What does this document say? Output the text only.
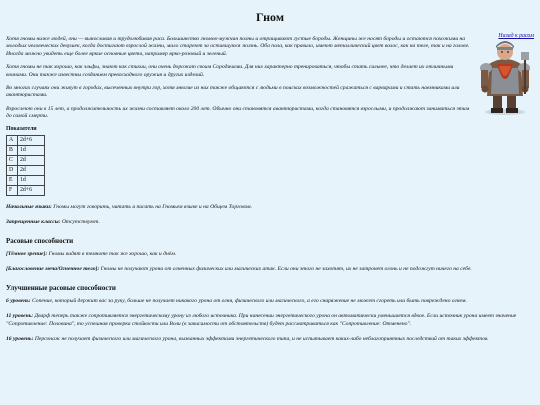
Гном
Назад к расам

Хотя гномы ниже людей, они — выносливая и трудолюбивая раса. Большинство гномов-мужчин полны и отращивают густые бороды. Женщины же носят бороды и остаются похожими на молодых человеческих девушек, когда достигают взрослой жизни, мало стареют за оставшуюся жизнь. Оба пола, как правило, имеют металлический цвет волос, как на теле, так и на голове. Иногда можно увидеть еще более яркие основные цвета, например ярко-розовый и зеленый.

Хотя гномы не так хорошо, как эльфы, знают как стихии, они очень дорожат своим Сородичами. Для них характерно тренироваться, чтобы стать сильнее, что делает их отличными воинами. Они также известны созданием превосходного оружия и других изделий.

Во многих случаях они живут в городах, высеченных внутри гор, хотя многие из них также общаются с людьми в поисках возможностей сражаться с варварами и стать наемниками или авантюристами.

Взрослеют они в 15 лет, а продолжительность их жизни составляет около 200 лет. Обычно они становятся авантюристами, когда становятся взрослыми, и продолжают заниматься этим до самой смерти.

Показатели
A	2d+6
B	1d
C	2d
D	2d
E	1d
F	2d+6

Начальные языки: Гномы могут говорить, читать и писать на Гномьем языке и на Общем Торговом.

Запрещенные классы: Отсутствуют.

Расовые способности

[Тёмное зрение]: Гномы видят в темноте так же хорошо, как и днём.

[Благословение меча/Огненное тело]: Гномы не получают урона от огненных физических или магических атак. Если они этого не захотят, их не затронет огонь и не подожгут ничего на себе.

Улучшенные расовые способности

6 уровень: Сопение, который держит вас за руку, больше не получает никакого урона от огня, физического или магического, а его снаряжение не может сгореть или быть повреждено огнем.

11 уровень: Дварф теперь также сопротивляется энергетическому урону из любого источника. При нанесении энергетического урона он автоматически уменьшается вдвое. Если источник урона имеет значение "Сопротивление: Половина", то успешная проверка стойкости или Воли (в зависимости от обстоятельств) будет рассматриваться как "Сопротивление: Отменено".

16 уровень: Персонаж не получает физического или магического урона, вызванных эффектами энергетического типа, и не испытывает каких-либо неблагоприятных последствий от таких эффектов.
